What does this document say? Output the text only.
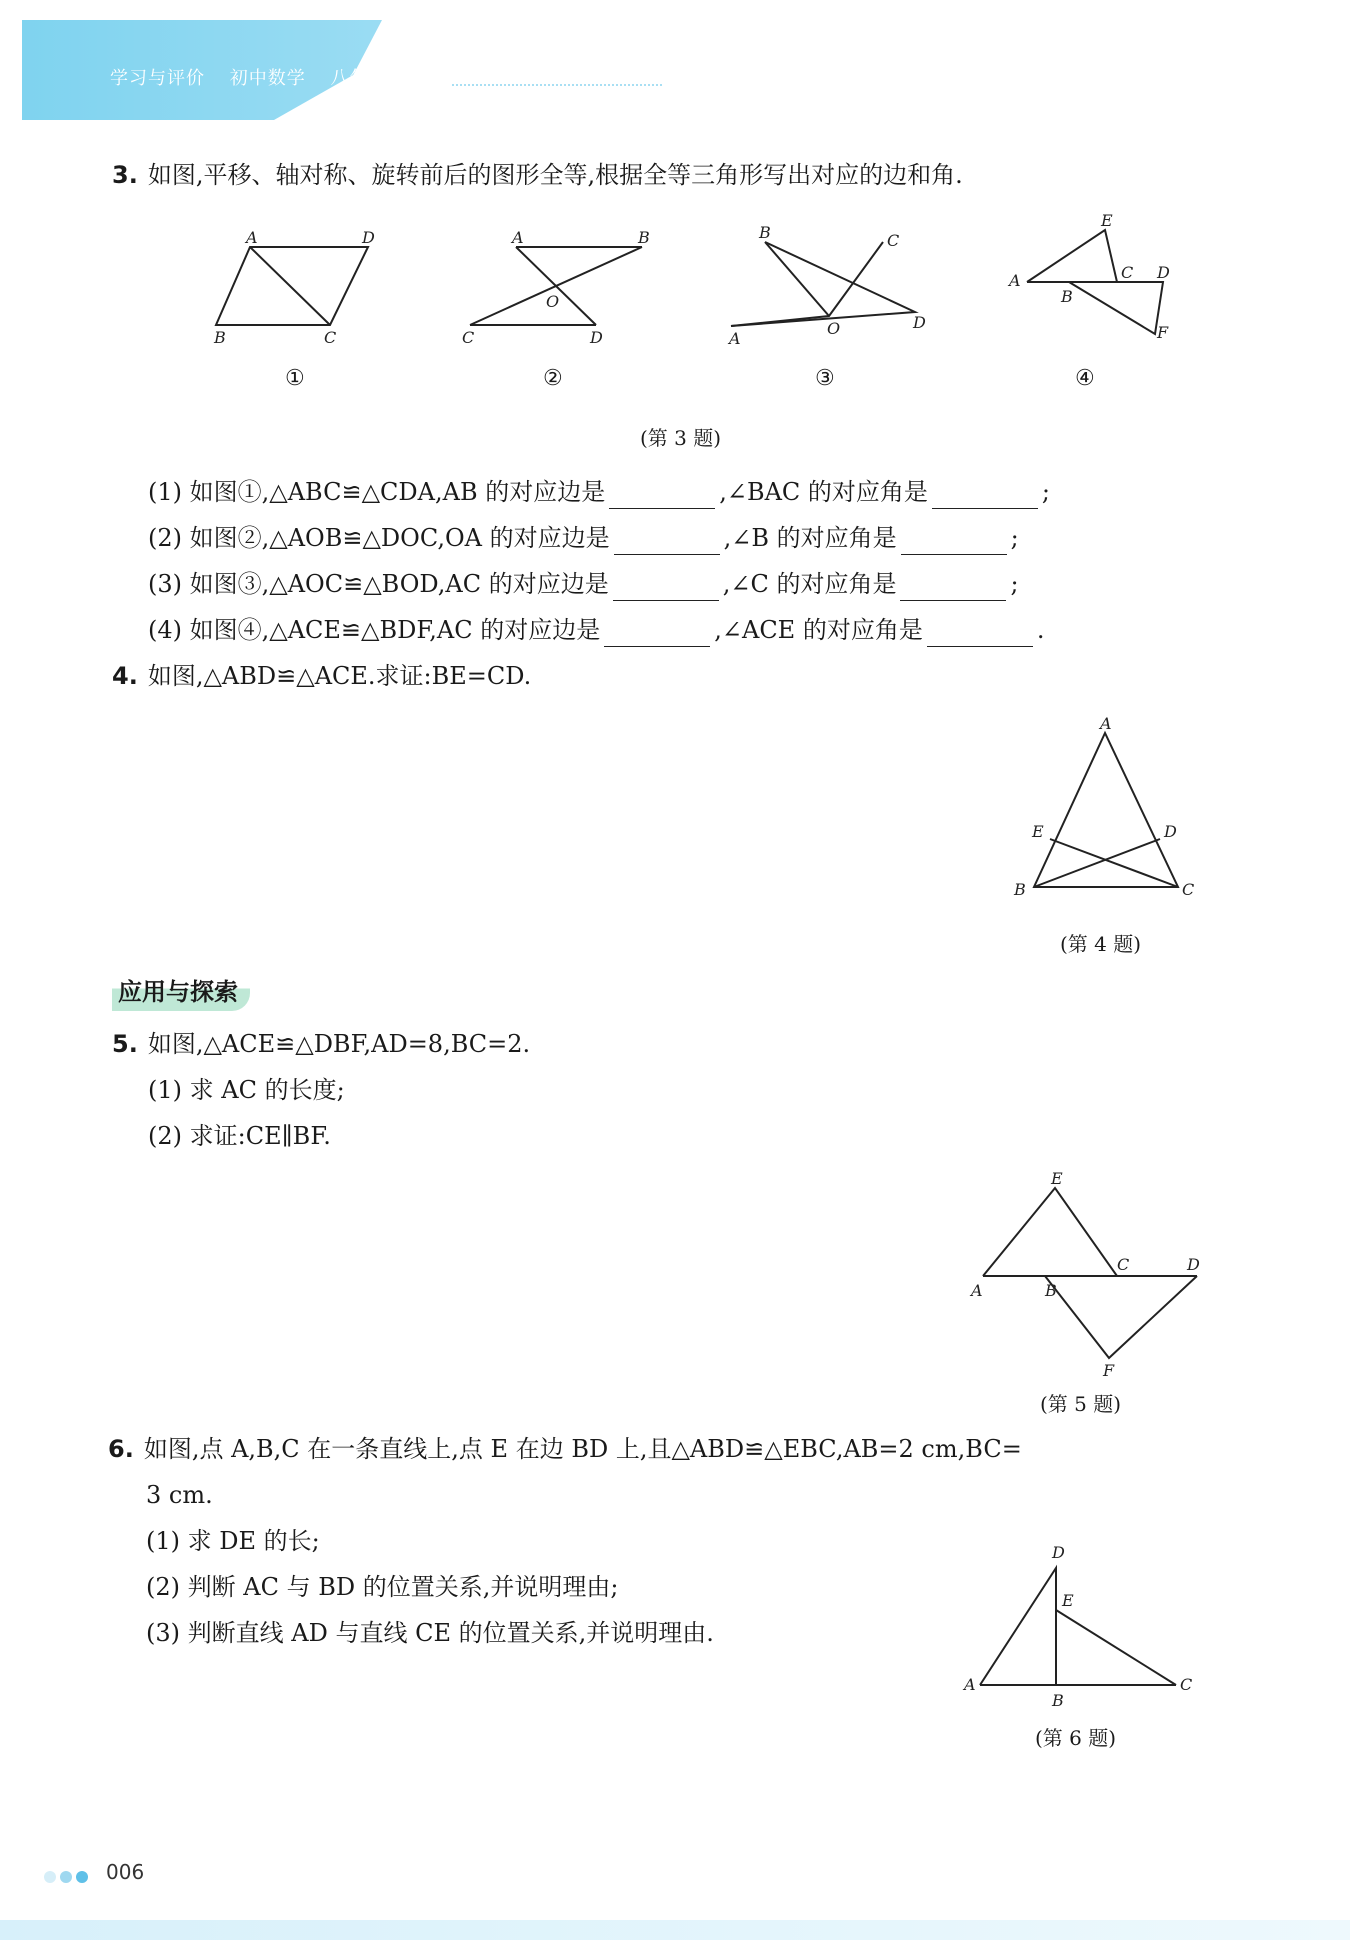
学习与评价 初中数学 八年级上册
3. 如图,平移、轴对称、旋转前后的图形全等,根据全等三角形写出对应的边和角.
A	D
B	C
A	B
O
C	D
B	C
A
O	D
E
A	C D
B
F
①	②	③	④
(第 3 题)
(1) 如图①,△ABC≌△CDA,AB 的对应边是	,∠BAC 的对应角是	;
(2) 如图②,△AOB≌△DOC,OA 的对应边是	,∠B 的对应角是	;
(3) 如图③,△AOC≌△BOD,AC 的对应边是	,∠C 的对应角是	;
(4) 如图④,△ACE≌△BDF,AC 的对应边是	,∠ACE 的对应角是	.
4. 如图,△ABD≌△ACE.求证:BE=CD.
A
E	D
B	C
(第 4 题)
应用与探索
5. 如图,△ACE≌△DBF,AD=8,BC=2.
(1) 求 AC 的长度;
(2) 求证:CE∥BF.
E
C	D
A	B
F
(第 5 题)
6. 如图,点 A,B,C 在一条直线上,点 E 在边 BD 上,且△ABD≌△EBC,AB=2 cm,BC=
3 cm.
(1) 求 DE 的长;
(2) 判断 AC 与 BD 的位置关系,并说明理由;
(3) 判断直线 AD 与直线 CE 的位置关系,并说明理由.
D
E
A
B
C
(第 6 题)
006
